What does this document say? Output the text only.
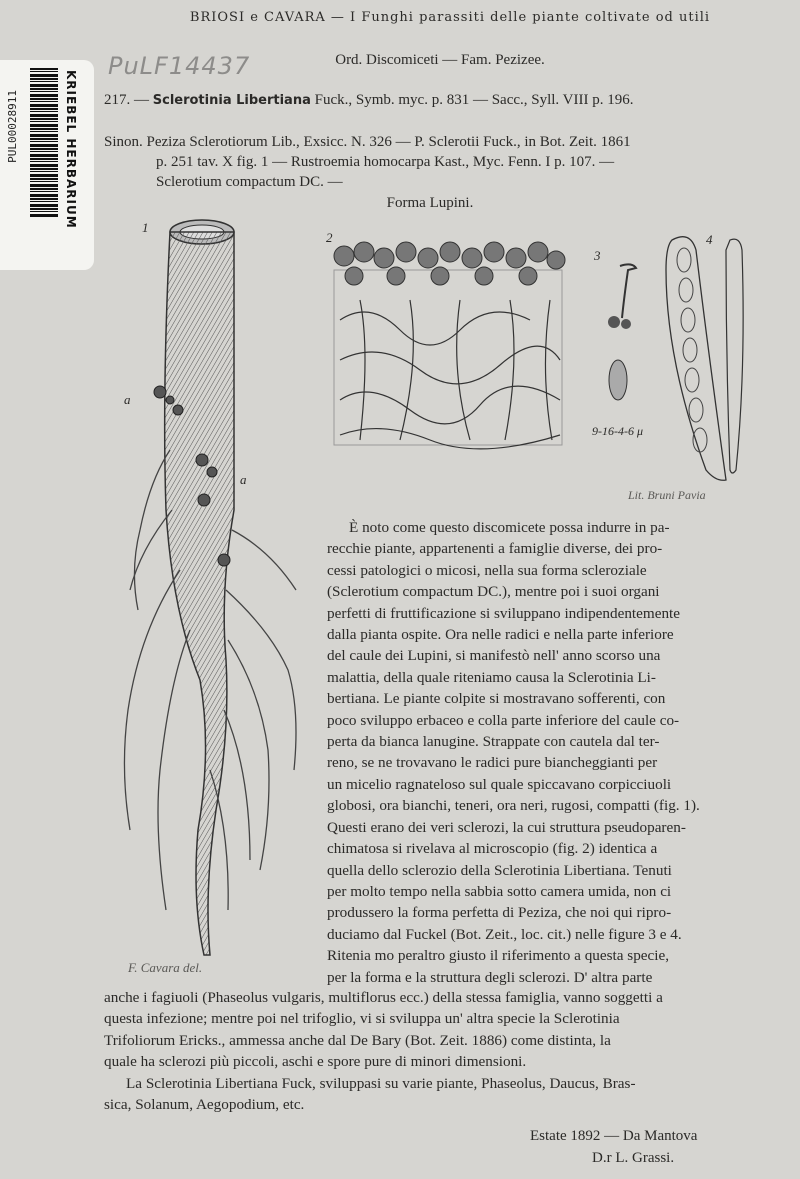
KRIEBEL HERBARIUM
PUL00028911
BRIOSI e CAVARA — I Funghi parassiti delle piante coltivate od utili
PuLF14437	Ord. Discomiceti — Fam. Pezizee.
217. — Sclerotinia Libertiana Fuck., Symb. myc. p. 831 — Sacc., Syll. VIII p. 196.
Sinon. Peziza Sclerotiorum Lib., Exsicc. N. 326 — P. Sclerotii Fuck., in Bot. Zeit. 1861
p. 251 tav. X fig. 1 — Rustroemia homocarpa Kast., Myc. Fenn. I p. 107. —
Sclerotium compactum DC. —
Forma Lupini.
1
a
a
2
3
9-16-4-6 μ
4
Lit. Bruni Pavia
F. Cavara del.

È noto come questo discomicete possa indurre in pa-

recchie piante, appartenenti a famiglie diverse, dei pro-

cessi patologici o micosi, nella sua forma scleroziale

(Sclerotium compactum DC.), mentre poi i suoi organi

perfetti di fruttificazione si sviluppano indipendentemente

dalla pianta ospite. Ora nelle radici e nella parte inferiore

del caule dei Lupini, si manifestò nell' anno scorso una

malattia, della quale riteniamo causa la Sclerotinia Li-

bertiana. Le piante colpite si mostravano sofferenti, con

poco sviluppo erbaceo e colla parte inferiore del caule co-

perta da bianca lanugine. Strappate con cautela dal ter-

reno, se ne trovavano le radici pure biancheggianti per

un micelio ragnateloso sul quale spiccavano corpicciuoli

globosi, ora bianchi, teneri, ora neri, rugosi, compatti (fig. 1).

Questi erano dei veri sclerozi, la cui struttura pseudoparen-

chimatosa si rivelava al microscopio (fig. 2) identica a

quella dello sclerozio della Sclerotinia Libertiana. Tenuti

per molto tempo nella sabbia sotto camera umida, non ci

produssero la forma perfetta di Peziza, che noi qui ripro-

duciamo dal Fuckel (Bot. Zeit., loc. cit.) nelle figure 3 e 4.

Ritenia mo peraltro giusto il riferimento a questa specie,

per la forma e la struttura degli sclerozi. D' altra parte

anche i fagiuoli (Phaseolus vulgaris, multiflorus ecc.) della stessa famiglia, vanno soggetti a

questa infezione; mentre poi nel trifoglio, vi si sviluppa un' altra specie la Sclerotinia

Trifoliorum Ericks., ammessa anche dal De Bary (Bot. Zeit. 1886) come distinta, la

quale ha sclerozi più piccoli, aschi e spore pure di minori dimensioni.

La Sclerotinia Libertiana Fuck, sviluppasi su varie piante, Phaseolus, Daucus, Bras-

sica, Solanum, Aegopodium, etc.

Estate 1892 — Da Mantova
D.r L. Grassi.
